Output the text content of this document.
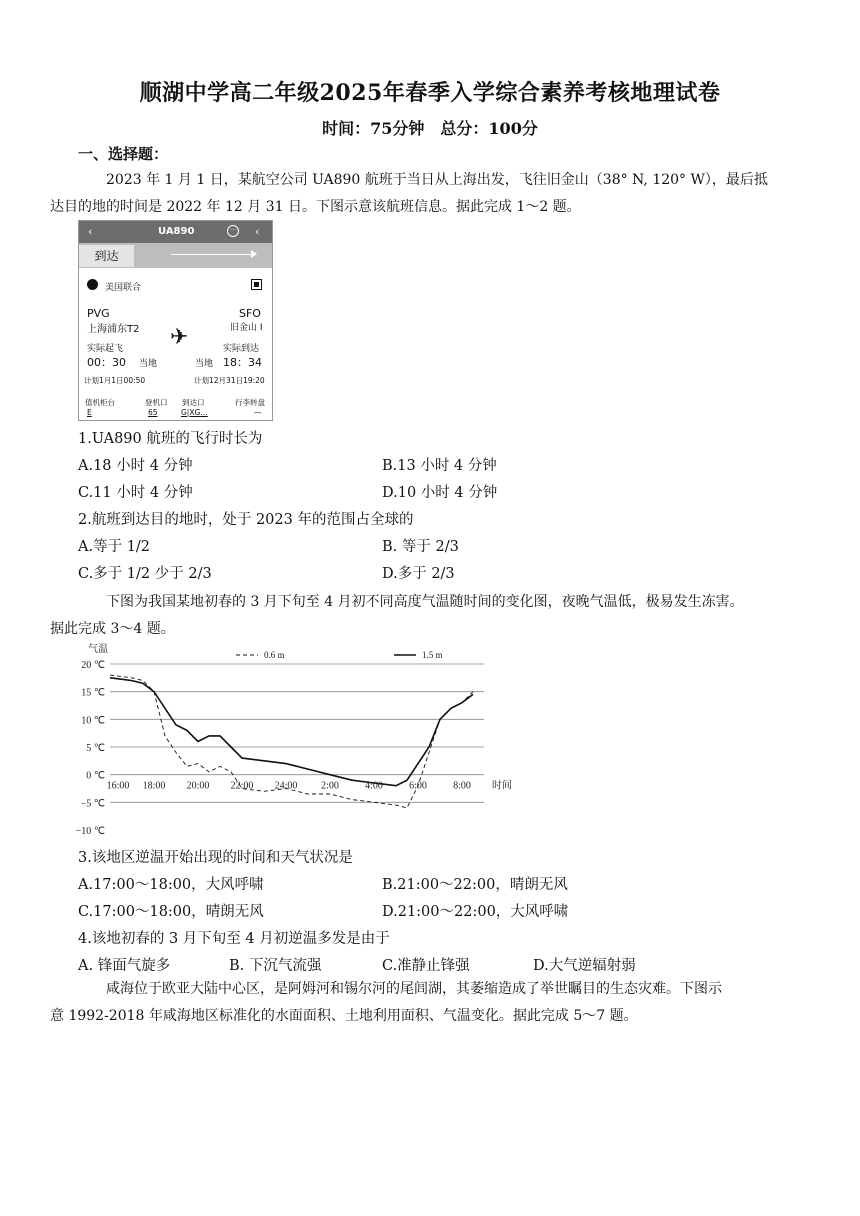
顺湖中学高二年级2025年春季入学综合素养考核地理试卷
时间：75分钟　总分：100分
一、选择题：
2023 年 1 月 1 日，某航空公司 UA890 航班于当日从上海出发，飞往旧金山（38° N, 120° W），最后抵
达目的地的时间是 2022 年 12 月 31 日。下图示意该航班信息。据此完成 1～2 题。
‹	UA890	··· ‹
到达
美国联合
PVG	SFO
上海浦东T2	旧金山 I
✈
实际起飞	实际到达
00：30 当地	当地 18：34
计划1月1日00:50	计划12月31日19:20
值机柜台	登机口 到达口	行李转盘
E	65	G|XG…	—
1.UA890 航班的飞行时长为
A.18 小时 4 分钟	B.13 小时 4 分钟
C.11 小时 4 分钟	D.10 小时 4 分钟
2.航班到达目的地时，处于 2023 年的范围占全球的
A.等于 1/2	B. 等于 2/3
C.多于 1/2 少于 2/3	D.多于 2/3
下图为我国某地初春的 3 月下旬至 4 月初不同高度气温随时间的变化图，夜晚气温低，极易发生冻害。
据此完成 3～4 题。
20 ℃
15 ℃
10 ℃
5 ℃
0 ℃
−5 ℃
−10 ℃
16:00 18:00 20:00 22:00 24:00 2:00	4:00	6:00	8:00 时间
气温	0.6 m	1.5 m
3.该地区逆温开始出现的时间和天气状况是
A.17:00～18:00，大风呼啸	B.21:00～22:00，晴朗无风
C.17:00～18:00，晴朗无风	D.21:00～22:00，大风呼啸
4.该地初春的 3 月下旬至 4 月初逆温多发是由于
A. 锋面气旋多	B. 下沉气流强	C.准静止锋强	D.大气逆辐射弱
咸海位于欧亚大陆中心区，是阿姆河和锡尔河的尾闾湖，其萎缩造成了举世瞩目的生态灾难。下图示
意 1992-2018 年咸海地区标准化的水面面积、土地利用面积、气温变化。据此完成 5～7 题。
